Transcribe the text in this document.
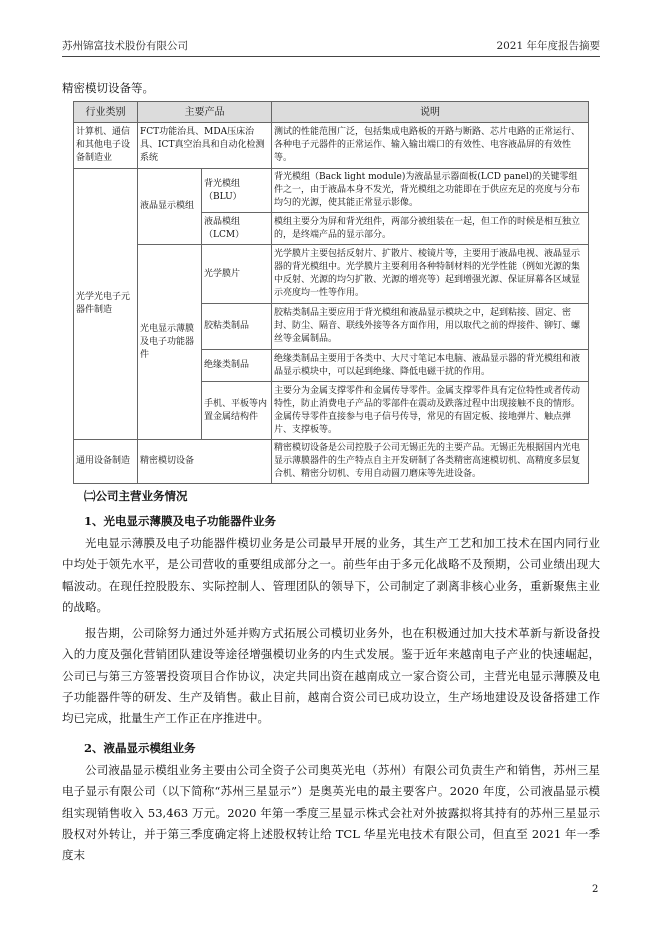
苏州锦富技术股份有限公司	2021 年年度报告摘要
精密模切设备等。
行业类别	主要产品		说明
计算机、通信和其他电子设备制造业	FCT功能治具、MDA压床治具、ICT真空治具和自动化检测系统		测试的性能范围广泛，包括集成电路板的开路与断路、芯片电路的正常运行、各种电子元器件的正常运作、输入输出端口的有效性、电容液晶屏的有效性等。
光学光电子元器件制造	液晶显示模组	背光模组（BLU）	背光模组（Back light module)为液晶显示器面板(LCD panel)的关键零组件之一，由于液晶本身不发光，背光模组之功能即在于供应充足的亮度与分布均匀的光源，使其能正常显示影像。
		液晶模组（LCM）	模组主要分为屏和背光组件，两部分被组装在一起，但工作的时候是相互独立的，是终端产品的显示部分。
	光电显示薄膜及电子功能器件	光学膜片	光学膜片主要包括反射片、扩散片、棱镜片等，主要用于液晶电视、液晶显示器的背光模组中。光学膜片主要利用各种特制材料的光学性能（例如光源的集中反射、光源的均匀扩散、光源的增亮等）起到增强光源、保证屏幕各区域显示亮度均一性等作用。
		胶粘类制品	胶粘类制品主要应用于背光模组和液晶显示模块之中，起到粘接、固定、密封、防尘、隔音、联线外接等各方面作用，用以取代之前的焊接件、铆钉、螺丝等金属制品。
		绝缘类制品	绝缘类制品主要用于各类中、大尺寸笔记本电脑、液晶显示器的背光模组和液晶显示模块中，可以起到绝缘、降低电磁干扰的作用。
		手机、平板等内置金属结构件	主要分为金属支撑零件和金属传导零件。金属支撑零件具有定位特性或者传动特性，防止消费电子产品的零部件在震动及跌落过程中出现接触不良的情形。金属传导零件直接参与电子信号传导，常见的有固定板、接地弹片、触点弹片、支撑板等。
通用设备制造	精密模切设备		精密模切设备是公司控股子公司无锡正先的主要产品。无锡正先根据国内光电显示薄膜器件的生产特点自主开发研制了各类精密高速模切机、高精度多层复合机、精密分切机、专用自动圆刀磨床等先进设备。
㈡公司主营业务情况
1、光电显示薄膜及电子功能器件业务

光电显示薄膜及电子功能器件模切业务是公司最早开展的业务，其生产工艺和加工技术在国内同行业中均处于领先水平，是公司营收的重要组成部分之一。前些年由于多元化战略不及预期，公司业绩出现大幅波动。在现任控股股东、实际控制人、管理团队的领导下，公司制定了剥离非核心业务，重新聚焦主业的战略。

报告期，公司除努力通过外延并购方式拓展公司模切业务外，也在积极通过加大技术革新与新设备投入的力度及强化营销团队建设等途径增强模切业务的内生式发展。鉴于近年来越南电子产业的快速崛起，公司已与第三方签署投资项目合作协议，决定共同出资在越南成立一家合资公司，主营光电显示薄膜及电子功能器件等的研发、生产及销售。截止目前，越南合资公司已成功设立，生产场地建设及设备搭建工作均已完成，批量生产工作正在序推进中。

2、液晶显示模组业务

公司液晶显示模组业务主要由公司全资子公司奥英光电（苏州）有限公司负责生产和销售，苏州三星电子显示有限公司（以下简称“苏州三星显示”）是奥英光电的最主要客户。2020 年度，公司液晶显示模组实现销售收入 53,463 万元。2020 年第一季度三星显示株式会社对外披露拟将其持有的苏州三星显示股权对外转让，并于第三季度确定将上述股权转让给 TCL 华星光电技术有限公司，但直至 2021 年一季度末

2
